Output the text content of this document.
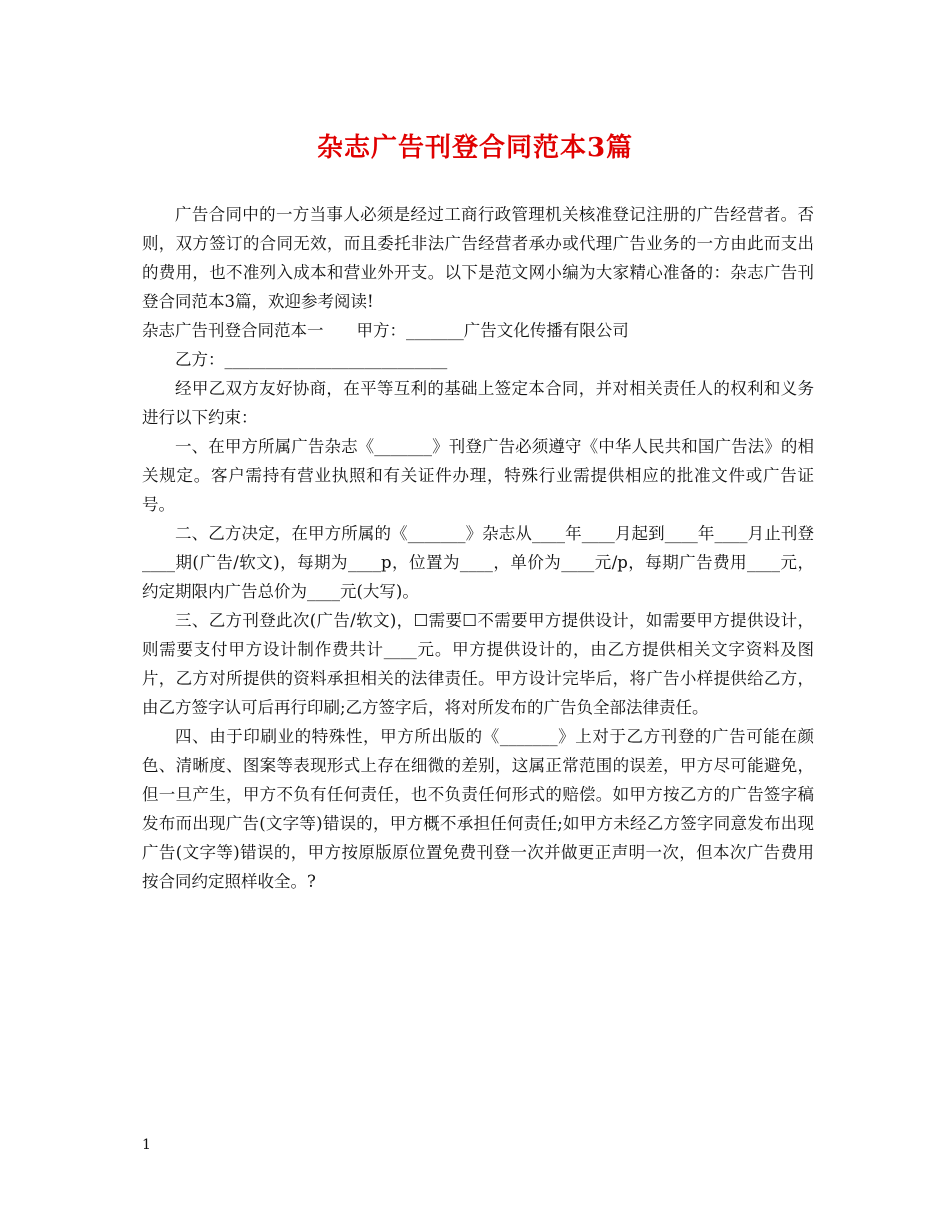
杂志广告刊登合同范本3篇

广告合同中的一方当事人必须是经过工商行政管理机关核准登记注册的广告经营者。否则，双方签订的合同无效，而且委托非法广告经营者承办或代理广告业务的一方由此而支出的费用，也不准列入成本和营业外开支。以下是范文网小编为大家精心准备的：杂志广告刊登合同范本3篇，欢迎参考阅读!

杂志广告刊登合同范本一　　甲方：_______广告文化传播有限公司

乙方：___________________________

经甲乙双方友好协商，在平等互利的基础上签定本合同，并对相关责任人的权利和义务进行以下约束：

一、在甲方所属广告杂志《_______》刊登广告必须遵守《中华人民共和国广告法》的相关规定。客户需持有营业执照和有关证件办理，特殊行业需提供相应的批准文件或广告证号。

二、乙方决定，在甲方所属的《_______》杂志从____年____月起到____年____月止刊登____期(广告/软文)，每期为____p，位置为____，单价为____元/p，每期广告费用____元，约定期限内广告总价为____元(大写)。

三、乙方刊登此次(广告/软文)，☐需要☐不需要甲方提供设计，如需要甲方提供设计，则需要支付甲方设计制作费共计____元。甲方提供设计的，由乙方提供相关文字资料及图片，乙方对所提供的资料承担相关的法律责任。甲方设计完毕后，将广告小样提供给乙方，由乙方签字认可后再行印刷;乙方签字后，将对所发布的广告负全部法律责任。

四、由于印刷业的特殊性，甲方所出版的《_______》上对于乙方刊登的广告可能在颜色、清晰度、图案等表现形式上存在细微的差别，这属正常范围的误差，甲方尽可能避免，但一旦产生，甲方不负有任何责任，也不负责任何形式的赔偿。如甲方按乙方的广告签字稿发布而出现广告(文字等)错误的，甲方概不承担任何责任;如甲方未经乙方签字同意发布出现广告(文字等)错误的，甲方按原版原位置免费刊登一次并做更正声明一次，但本次广告费用按合同约定照样收全。?

1
